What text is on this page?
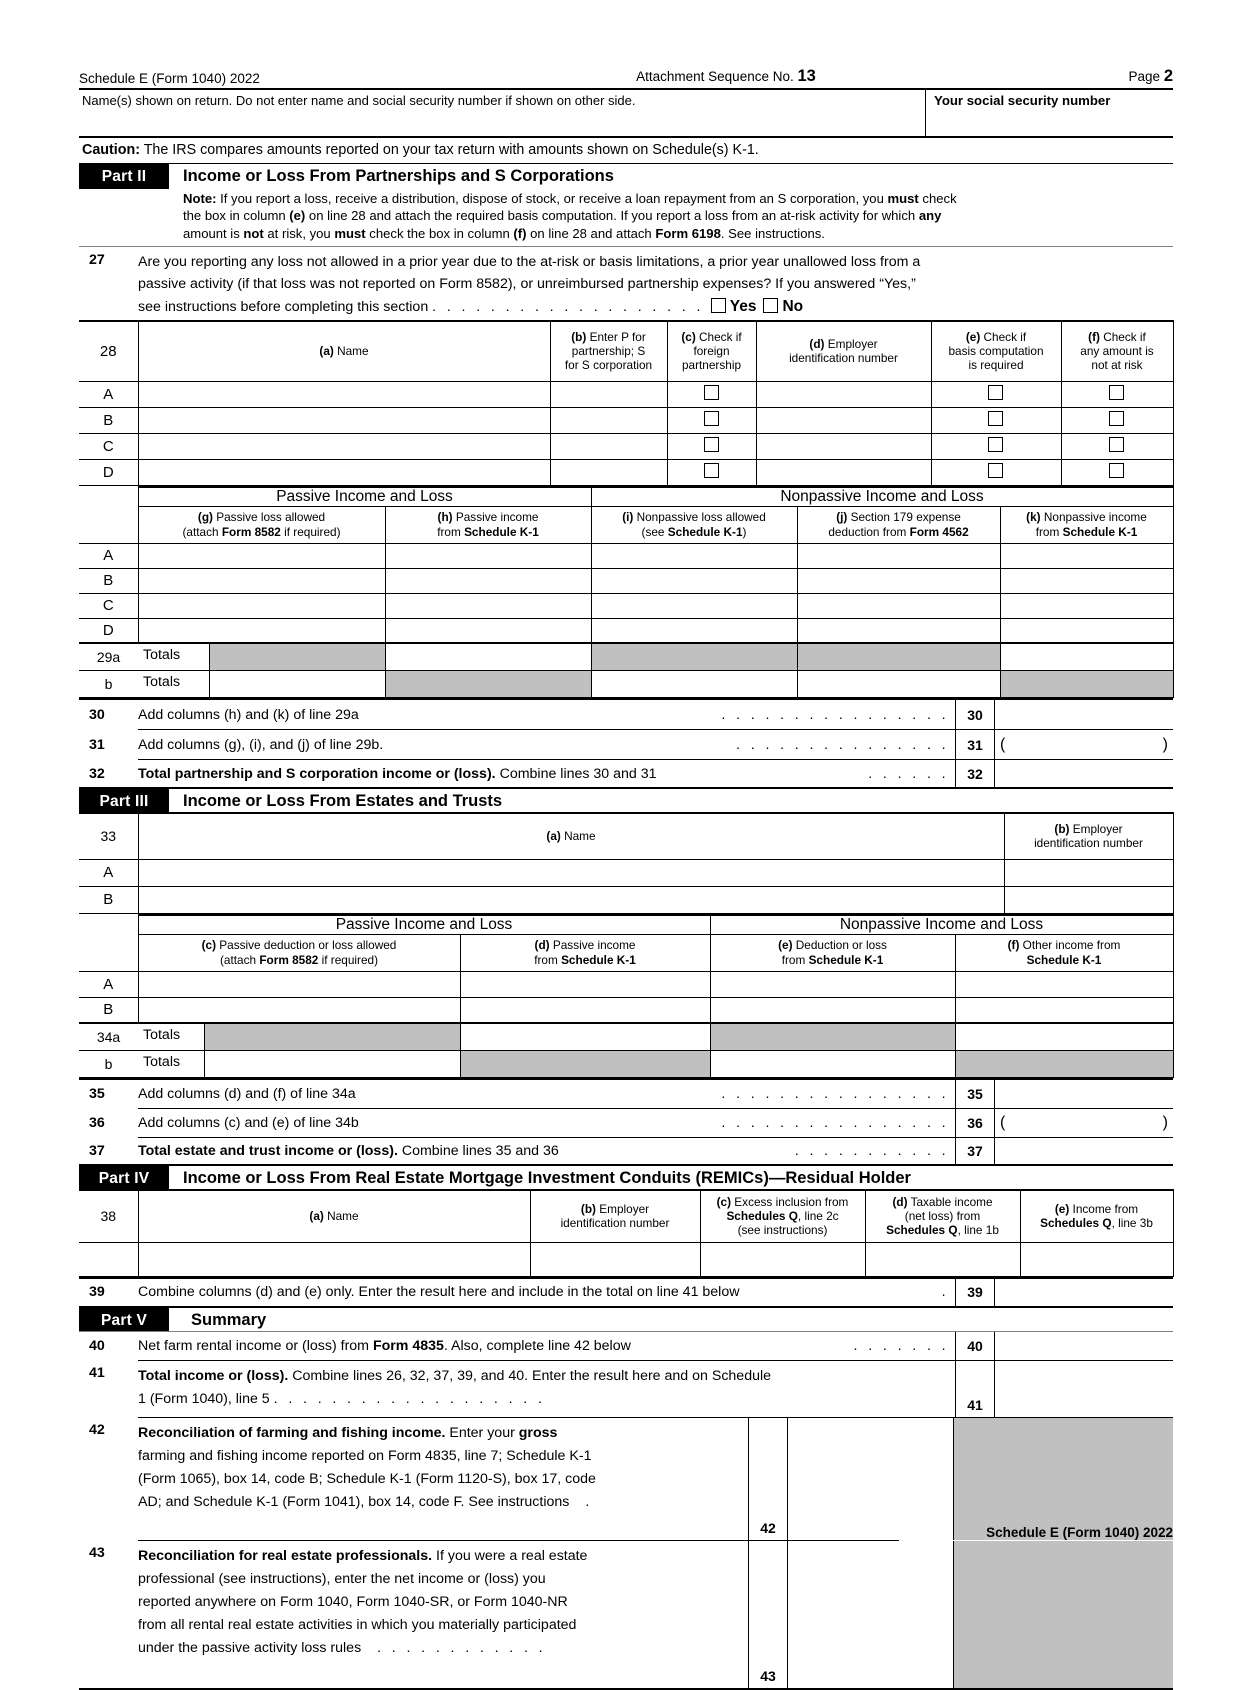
Schedule E (Form 1040) 2022	Attachment Sequence No. 13	Page 2
Name(s) shown on return. Do not enter name and social security number if shown on other side.	Your social security number
Caution: The IRS compares amounts reported on your tax return with amounts shown on Schedule(s) K-1.
Part II	Income or Loss From Partnerships and S Corporations
Note: If you report a loss, receive a distribution, dispose of stock, or receive a loan repayment from an S corporation, you must check
the box in column (e) on line 28 and attach the required basis computation. If you report a loss from an at-risk activity for which any
amount is not at risk, you must check the box in column (f) on line 28 and attach Form 6198. See instructions.
27	Are you reporting any loss not allowed in a prior year due to the at-risk or basis limitations, a prior year unallowed loss from a
passive activity (if that loss was not reported on Form 8582), or unreimbursed partnership expenses? If you answered “Yes,”
see instructions before completing this section . . . . . . . . . . . . . . . . . . . Yes No
28	(a) Name	(b) Enter P for
partnership; S
for S corporation	(c) Check if
foreign
partnership	(d) Employer
identification number	(e) Check if
basis computation
is required	(f) Check if
any amount is
not at risk
A						
B						
C						
D						
	Passive Income and Loss		Nonpassive Income and Loss		
	(g) Passive loss allowed
(attach Form 8582 if required)	(h) Passive income
from Schedule K-1	(i) Nonpassive loss allowed
(see Schedule K-1)	(j) Section 179 expense
deduction from Form 4562	(k) Nonpassive income
from Schedule K-1
A					
B					
C					
D					
29a	Totals				

b	Totals				

30	Add columns (h) and (k) of line 29a	. . . . . . . . . . . . . . . .	30
31	Add columns (g), (i), and (j) of line 29b.	. . . . . . . . . . . . . . .	31	(	)
32	Total partnership and S corporation income or (loss). Combine lines 30 and 31	. . . . . .	32
Part III	Income or Loss From Estates and Trusts
33	(a) Name	(b) Employer
identification number
A		
B		
	Passive Income and Loss		Nonpassive Income and Loss	
	(c) Passive deduction or loss allowed
(attach Form 8582 if required)	(d) Passive income
from Schedule K-1	(e) Deduction or loss
from Schedule K-1	(f) Other income from
Schedule K-1
A				
B				
34a	Totals			

b	Totals			

35	Add columns (d) and (f) of line 34a	. . . . . . . . . . . . . . . .	35
36	Add columns (c) and (e) of line 34b	. . . . . . . . . . . . . . . .	36	(	)
37	Total estate and trust income or (loss). Combine lines 35 and 36	. . . . . . . . . . .	37
Part IV	Income or Loss From Real Estate Mortgage Investment Conduits (REMICs)—Residual Holder
38	(a) Name	(b) Employer
identification number	(c) Excess inclusion from
Schedules Q, line 2c
(see instructions)	(d) Taxable income
(net loss) from
Schedules Q, line 1b	(e) Income from
Schedules Q, line 3b

39	Combine columns (d) and (e) only. Enter the result here and include in the total on line 41 below	.	39
Part V	Summary
40	Net farm rental income or (loss) from Form 4835. Also, complete line 42 below	. . . . . . .	40
41	Total income or (loss). Combine lines 26, 32, 37, 39, and 40. Enter the result here and on Schedule
1 (Form 1040), line 5 . . . . . . . . . . . . . . . . . . .	41
42	Reconciliation of farming and fishing income. Enter your gross
farming and fishing income reported on Form 4835, line 7; Schedule K-1
(Form 1065), box 14, code B; Schedule K-1 (Form 1120-S), box 17, code
AD; and Schedule K-1 (Form 1041), box 14, code F. See instructions .
42
43	Reconciliation for real estate professionals. If you were a real estate
professional (see instructions), enter the net income or (loss) you
reported anywhere on Form 1040, Form 1040-SR, or Form 1040-NR
from all rental real estate activities in which you materially participated
under the passive activity loss rules . . . . . . . . . . . .
43
Schedule E (Form 1040) 2022
